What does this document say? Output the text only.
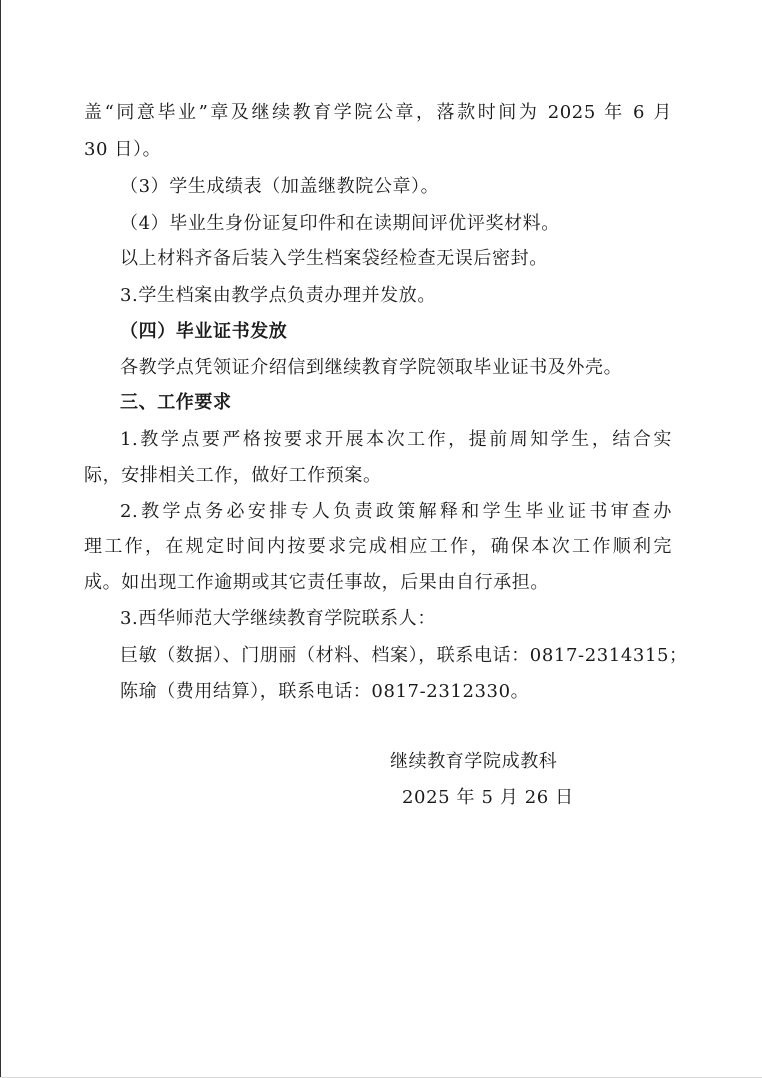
盖“同意毕业”章及继续教育学院公章，落款时间为 2025 年 6 月
30 日）。
（3）学生成绩表（加盖继教院公章）。
（4）毕业生身份证复印件和在读期间评优评奖材料。
以上材料齐备后装入学生档案袋经检查无误后密封。
3.学生档案由教学点负责办理并发放。
（四）毕业证书发放
各教学点凭领证介绍信到继续教育学院领取毕业证书及外壳。
三、工作要求
1.教学点要严格按要求开展本次工作，提前周知学生，结合实
际，安排相关工作，做好工作预案。
2.教学点务必安排专人负责政策解释和学生毕业证书审查办
理工作，在规定时间内按要求完成相应工作，确保本次工作顺利完
成。如出现工作逾期或其它责任事故，后果由自行承担。
3.西华师范大学继续教育学院联系人：
巨敏（数据）、门朋丽（材料、档案），联系电话：0817-2314315；
陈瑜（费用结算），联系电话：0817-2312330。
继续教育学院成教科
2025 年 5 月 26 日
